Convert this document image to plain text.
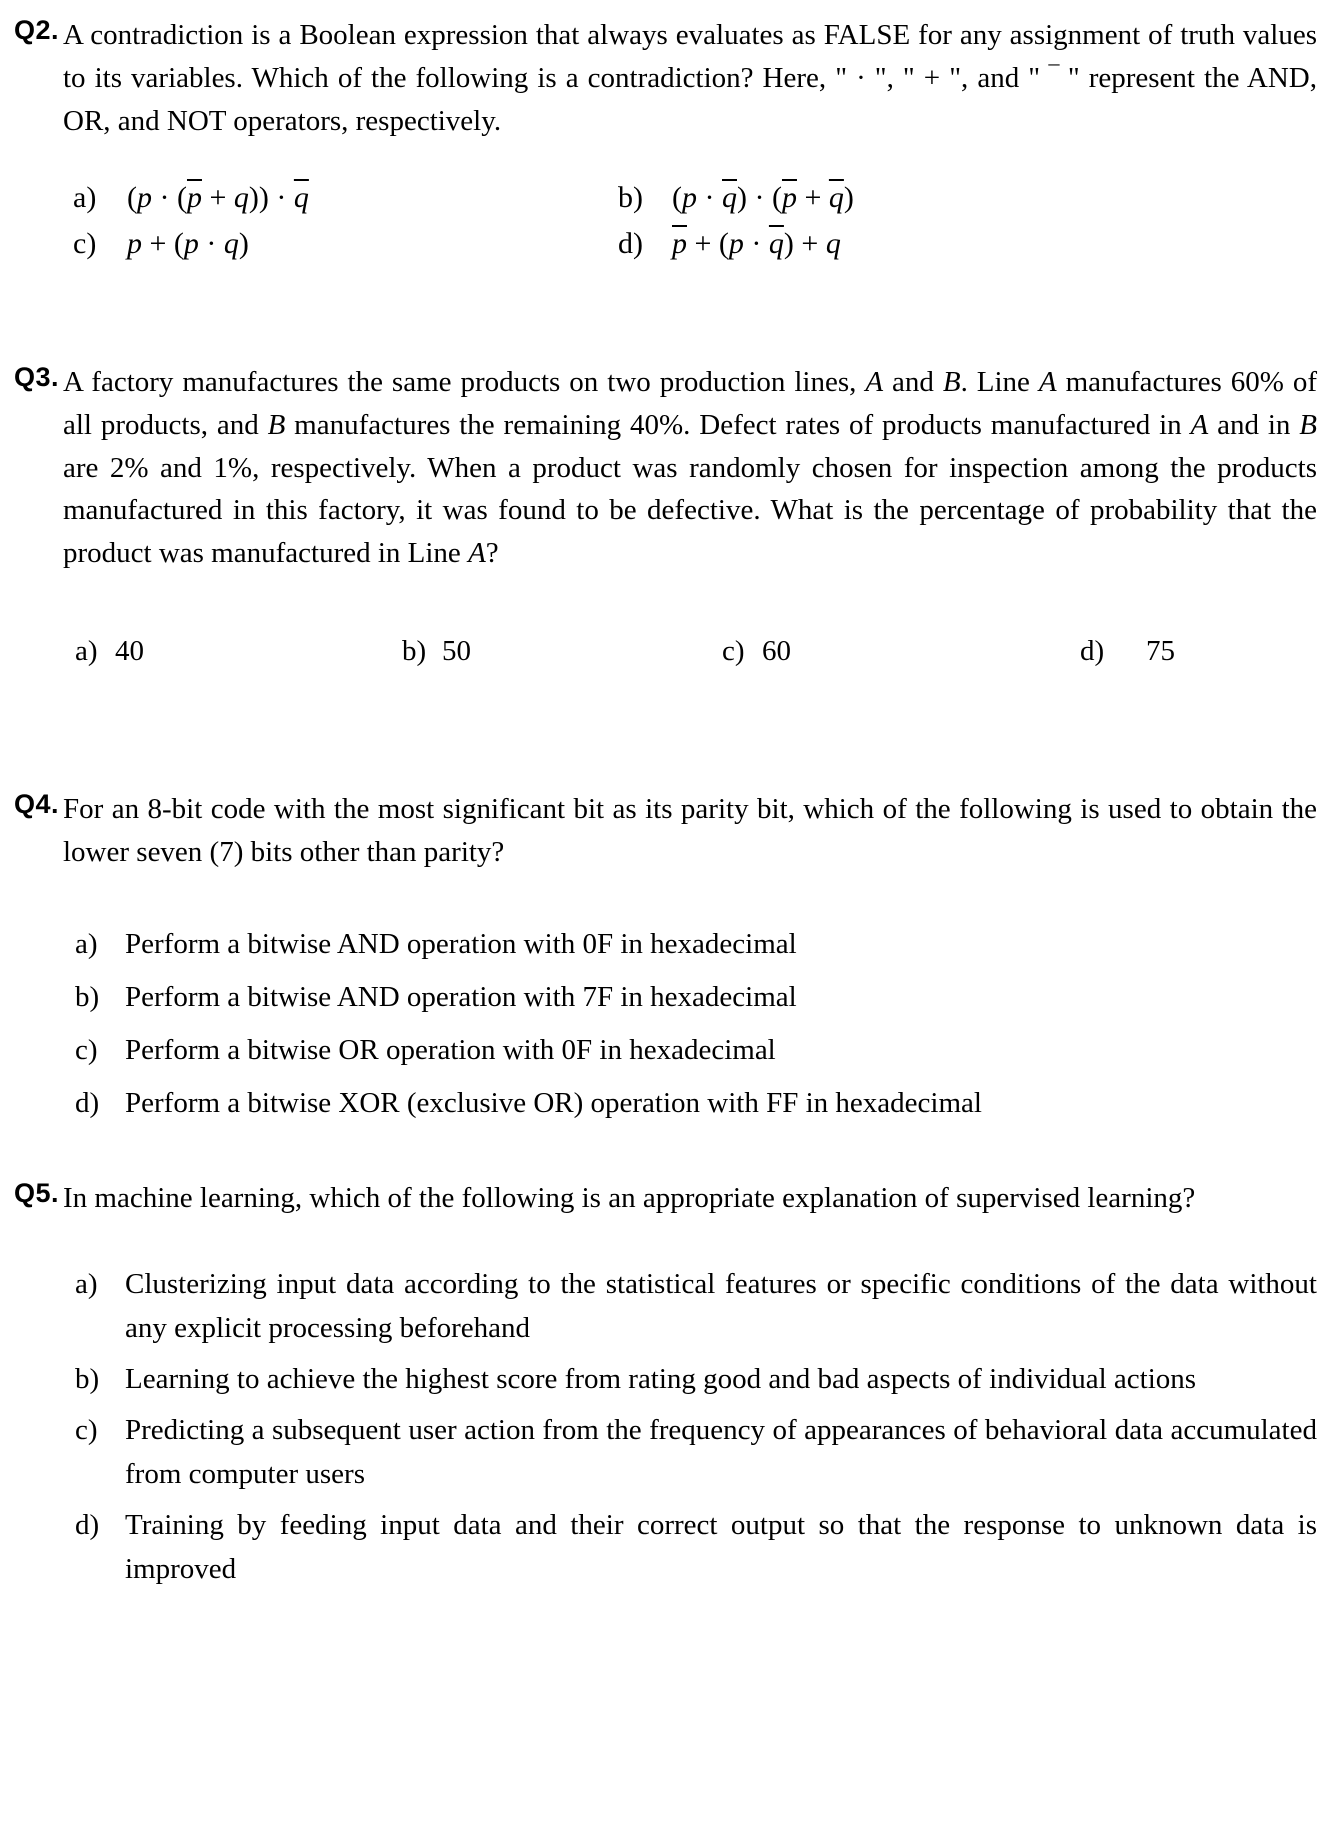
Q2. A contradiction is a Boolean expression that always evaluates as FALSE for any assignment of truth values to its variables. Which of the following is a contradiction? Here, " · ", " + ", and " ‾ " represent the AND, OR, and NOT operators, respectively.

a) $(p \cdot (\overline{p} + q)) \cdot \overline{q}$	b) $(p \cdot \overline{q}) \cdot (\overline{p} + \overline{q})$
c) p + (p · q)	d) $\overline{p} + (p \cdot \overline{q}) + q$
Q3. A factory manufactures the same products on two production lines, A and B. Line A manufactures 60% of all products, and B manufactures the remaining 40%. Defect rates of products manufactured in A and in B are 2% and 1%, respectively. When a product was randomly chosen for inspection among the products manufactured in this factory, it was found to be defective. What is the percentage of probability that the product was manufactured in Line A?

a) 40	b) 50	c) 60	d) 75
Q4. For an 8-bit code with the most significant bit as its parity bit, which of the following is used to obtain the lower seven (7) bits other than parity?

a) Perform a bitwise AND operation with 0F in hexadecimal
b) Perform a bitwise AND operation with 7F in hexadecimal
c) Perform a bitwise OR operation with 0F in hexadecimal
d) Perform a bitwise XOR (exclusive OR) operation with FF in hexadecimal
Q5. In machine learning, which of the following is an appropriate explanation of supervised learning?

a) Clusterizing input data according to the statistical features or specific conditions of the data without any explicit processing beforehand
b) Learning to achieve the highest score from rating good and bad aspects of individual actions
c) Predicting a subsequent user action from the frequency of appearances of behavioral data accumulated from computer users
d) Training by feeding input data and their correct output so that the response to unknown data is improved
